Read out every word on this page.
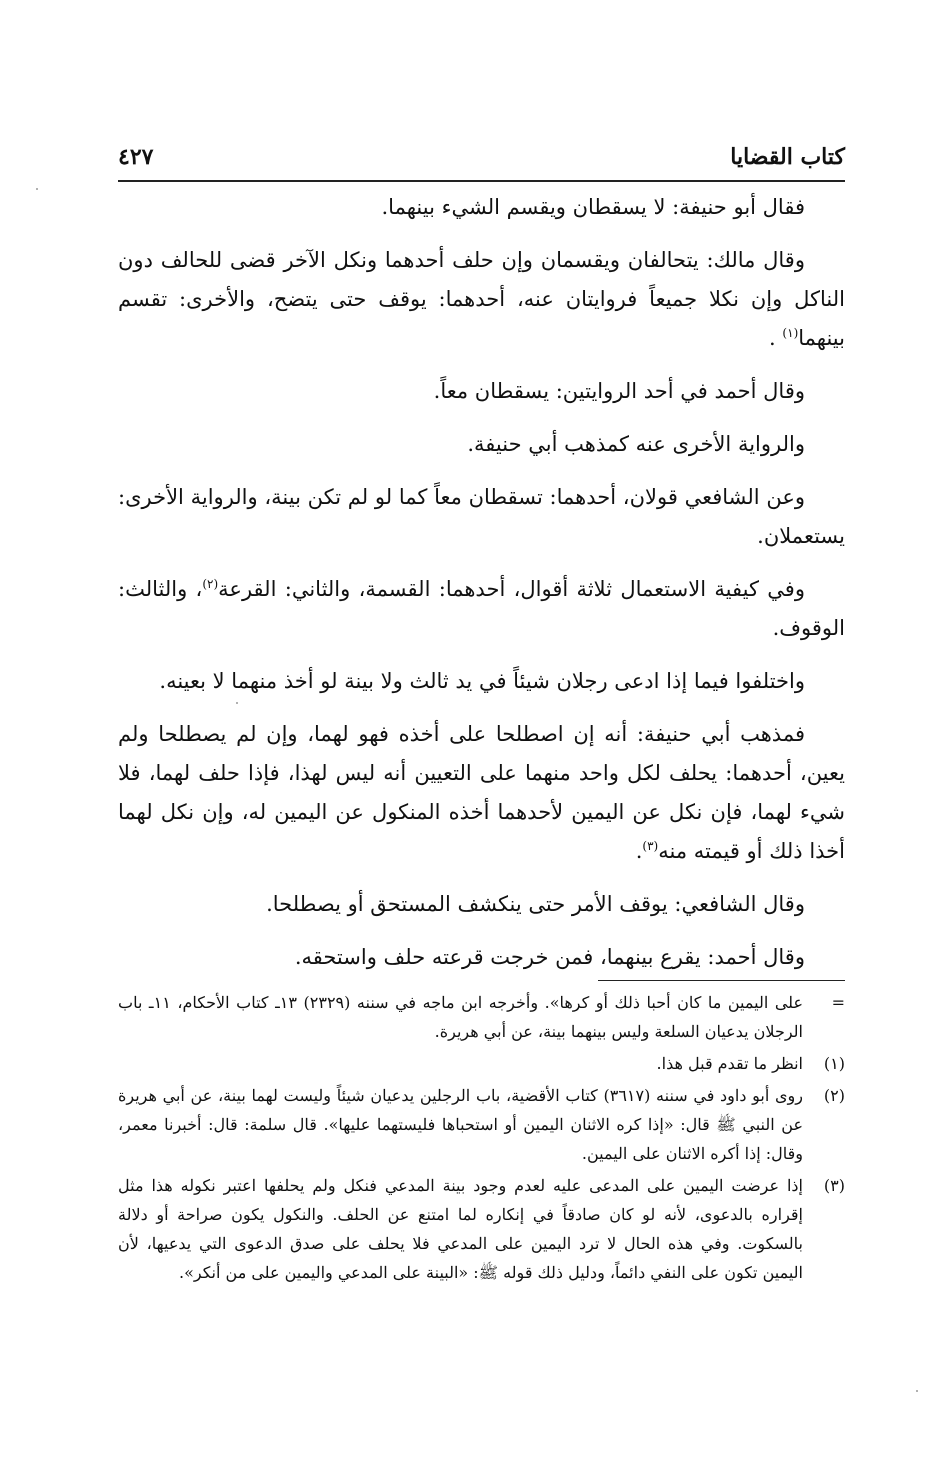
كتاب القضايا
٤٢٧

فقال أبو حنيفة: لا يسقطان ويقسم الشيء بينهما.

وقال مالك: يتحالفان ويقسمان وإن حلف أحدهما ونكل الآخر قضى للحالف دون الناكل وإن نكلا جميعاً فروايتان عنه، أحدهما: يوقف حتى يتضح، والأخرى: تقسم بينهما$^{(١)}$ .

وقال أحمد في أحد الروايتين: يسقطان معاً.

والرواية الأخرى عنه كمذهب أبي حنيفة.

وعن الشافعي قولان، أحدهما: تسقطان معاً كما لو لم تكن بينة، والرواية الأخرى: يستعملان.

وفي كيفية الاستعمال ثلاثة أقوال، أحدهما: القسمة، والثاني: القرعة$^{(٢)}$، والثالث: الوقوف.

واختلفوا فيما إذا ادعى رجلان شيئاً في يد ثالث ولا بينة لو أخذ منهما لا بعينه.

فمذهب أبي حنيفة: أنه إن اصطلحا على أخذه فهو لهما، وإن لم يصطلحا ولم يعين، أحدهما: يحلف لكل واحد منهما على التعيين أنه ليس لهذا، فإذا حلف لهما، فلا شيء لهما، فإن نكل عن اليمين لأحدهما أخذه المنكول عن اليمين له، وإن نكل لهما أخذا ذلك أو قيمته منه$^{(٣)}$.

وقال الشافعي: يوقف الأمر حتى ينكشف المستحق أو يصطلحا.

وقال أحمد: يقرع بينهما، فمن خرجت قرعته حلف واستحقه.

=
على اليمين ما كان أحبا ذلك أو كرها». وأخرجه ابن ماجه في سننه (٢٣٢٩) ١٣ـ كتاب الأحكام، ١١ـ باب الرجلان يدعيان السلعة وليس بينهما بينة، عن أبي هريرة.
(١)
انظر ما تقدم قبل هذا.
(٢)
روى أبو داود في سننه (٣٦١٧) كتاب الأقضية، باب الرجلين يدعيان شيئاً وليست لهما بينة، عن أبي هريرة عن النبي ﷺ قال: «إذا كره الاثنان اليمين أو استحباها فليستهما عليها». قال سلمة: قال: أخبرنا معمر، وقال: إذا أكره الاثنان على اليمين.
(٣)
إذا عرضت اليمين على المدعى عليه لعدم وجود بينة المدعي فنكل ولم يحلفها اعتبر نكوله هذا مثل إقراره بالدعوى، لأنه لو كان صادقاً في إنكاره لما امتنع عن الحلف. والنكول يكون صراحة أو دلالة بالسكوت. وفي هذه الحال لا ترد اليمين على المدعي فلا يحلف على صدق الدعوى التي يدعيها، لأن اليمين تكون على النفي دائماً، ودليل ذلك قوله ﷺ: «البينة على المدعي واليمين على من أنكر».
